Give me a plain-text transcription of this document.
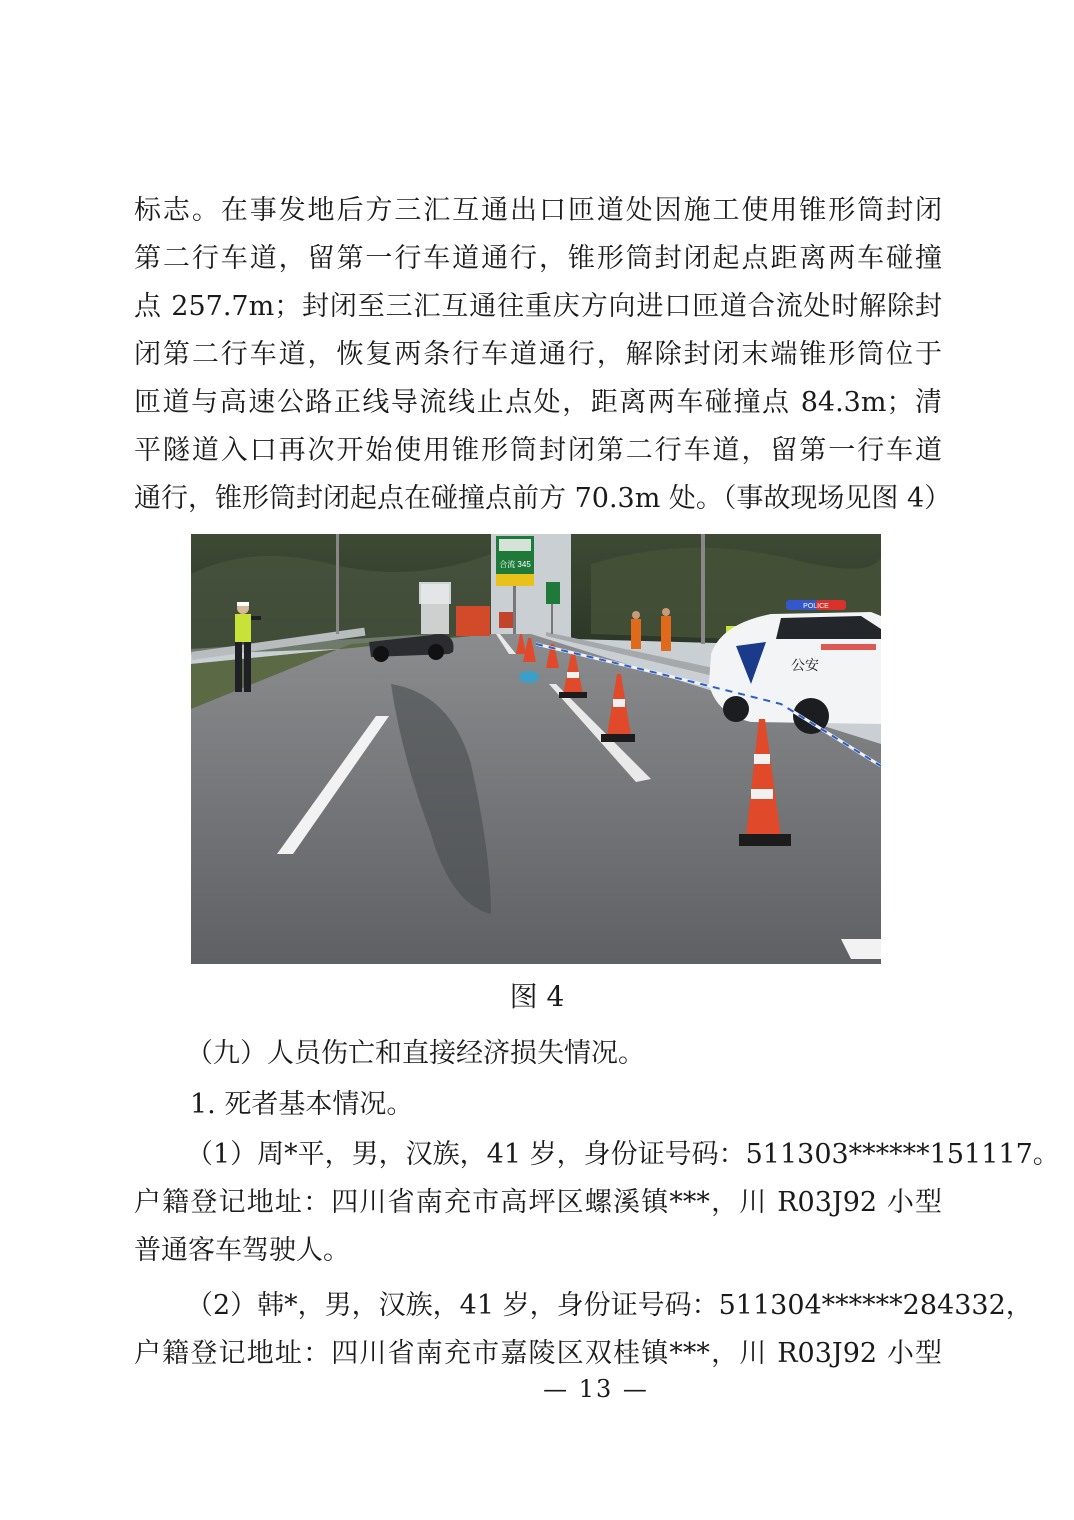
标志。在事发地后方三汇互通出口匝道处因施工使用锥形筒封闭
第二行车道，留第一行车道通行，锥形筒封闭起点距离两车碰撞
点 257.7m；封闭至三汇互通往重庆方向进口匝道合流处时解除封
闭第二行车道，恢复两条行车道通行，解除封闭末端锥形筒位于
匝道与高速公路正线导流线止点处，距离两车碰撞点 84.3m；清
平隧道入口再次开始使用锥形筒封闭第二行车道，留第一行车道
通行，锥形筒封闭起点在碰撞点前方 70.3m 处。（事故现场见图 4）
合流 345
POLICE
公安
图 4
（九）人员伤亡和直接经济损失情况。
1. 死者基本情况。
（1）周*平，男，汉族，41 岁，身份证号码：511303******151117。
户籍登记地址：四川省南充市高坪区螺溪镇***，川 R03J92 小型
普通客车驾驶人。
（2）韩*，男，汉族，41 岁，身份证号码：511304******284332，
户籍登记地址：四川省南充市嘉陵区双桂镇***，川 R03J92 小型
— 13 —
